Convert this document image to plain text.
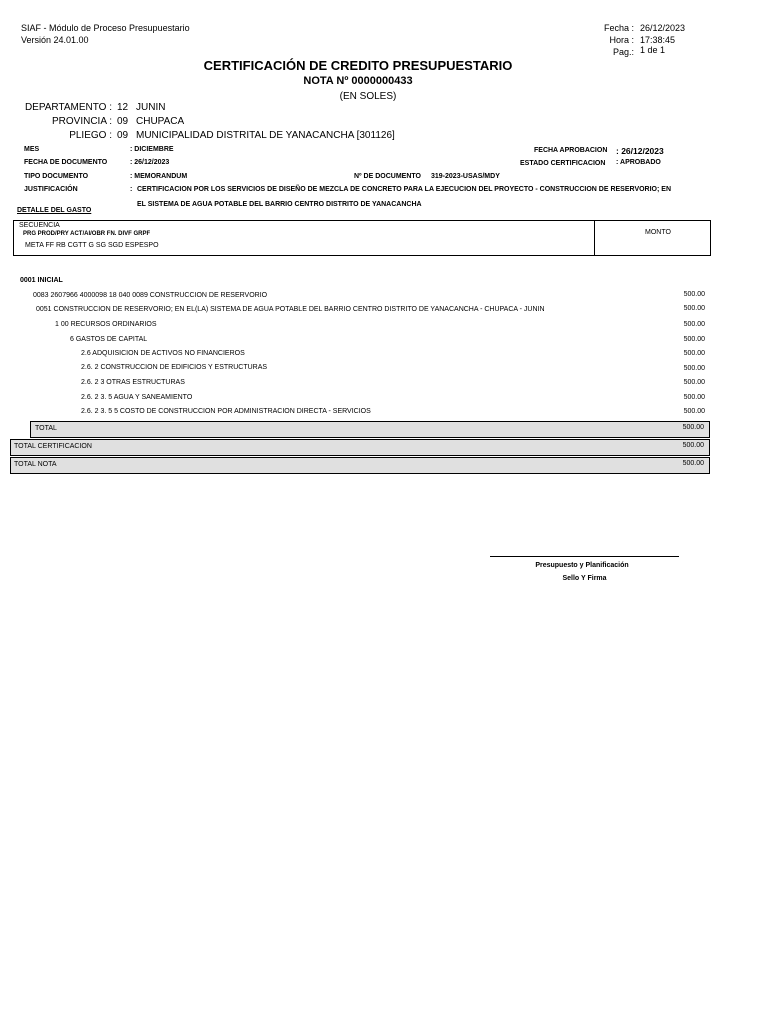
SIAF - Módulo de Proceso Presupuestario
Versión 24.01.00
Fecha : 26/12/2023
Hora : 17:38:45
Pag.: 1 de 1
CERTIFICACIÓN DE CREDITO PRESUPUESTARIO
NOTA Nº 0000000433
(EN SOLES)
DEPARTAMENTO : 12 JUNIN
PROVINCIA : 09 CHUPACA
PLIEGO : 09 MUNICIPALIDAD DISTRITAL DE YANACANCHA [301126]
MES	: DICIEMBRE
FECHA DE DOCUMENTO	: 26/12/2023
TIPO DOCUMENTO	: MEMORANDUM
JUSTIFICACIÓN	: CERTIFICACION POR LOS SERVICIOS DE DISEÑO DE MEZCLA DE CONCRETO PARA LA EJECUCION DEL PROYECTO - CONSTRUCCION DE RESERVORIO; EN
EL SISTEMA DE AGUA POTABLE DEL BARRIO CENTRO DISTRITO DE YANACANCHA
Nº DE DOCUMENTO 319-2023-USAS/MDY
FECHA APROBACION : 26/12/2023
ESTADO CERTIFICACION : APROBADO
DETALLE DEL GASTO
SECUENCIA
PRG PROD/PRY ACT/AI/OBR FN. DIVF GRPF
META FF RB CGTT G SG SGD ESPESPO
MONTO
0001 INICIAL
0083 2607966 4000098 18 040 0089 CONSTRUCCION DE RESERVORIO	500.00
0051 CONSTRUCCION DE RESERVORIO; EN EL(LA) SISTEMA DE AGUA POTABLE DEL BARRIO CENTRO DISTRITO DE YANACANCHA - CHUPACA - JUNIN	500.00
1 00 RECURSOS ORDINARIOS	500.00
6 GASTOS DE CAPITAL	500.00
2.6 ADQUISICION DE ACTIVOS NO FINANCIEROS	500.00
2.6. 2 CONSTRUCCION DE EDIFICIOS Y ESTRUCTURAS	500.00
2.6. 2 3 OTRAS ESTRUCTURAS	500.00
2.6. 2 3. 5 AGUA Y SANEAMIENTO	500.00
2.6. 2 3. 5 5 COSTO DE CONSTRUCCION POR ADMINISTRACION DIRECTA - SERVICIOS	500.00
TOTAL	500.00
TOTAL CERTIFICACION	500.00
TOTAL NOTA	500.00
Presupuesto y Planificación
Sello Y Firma
